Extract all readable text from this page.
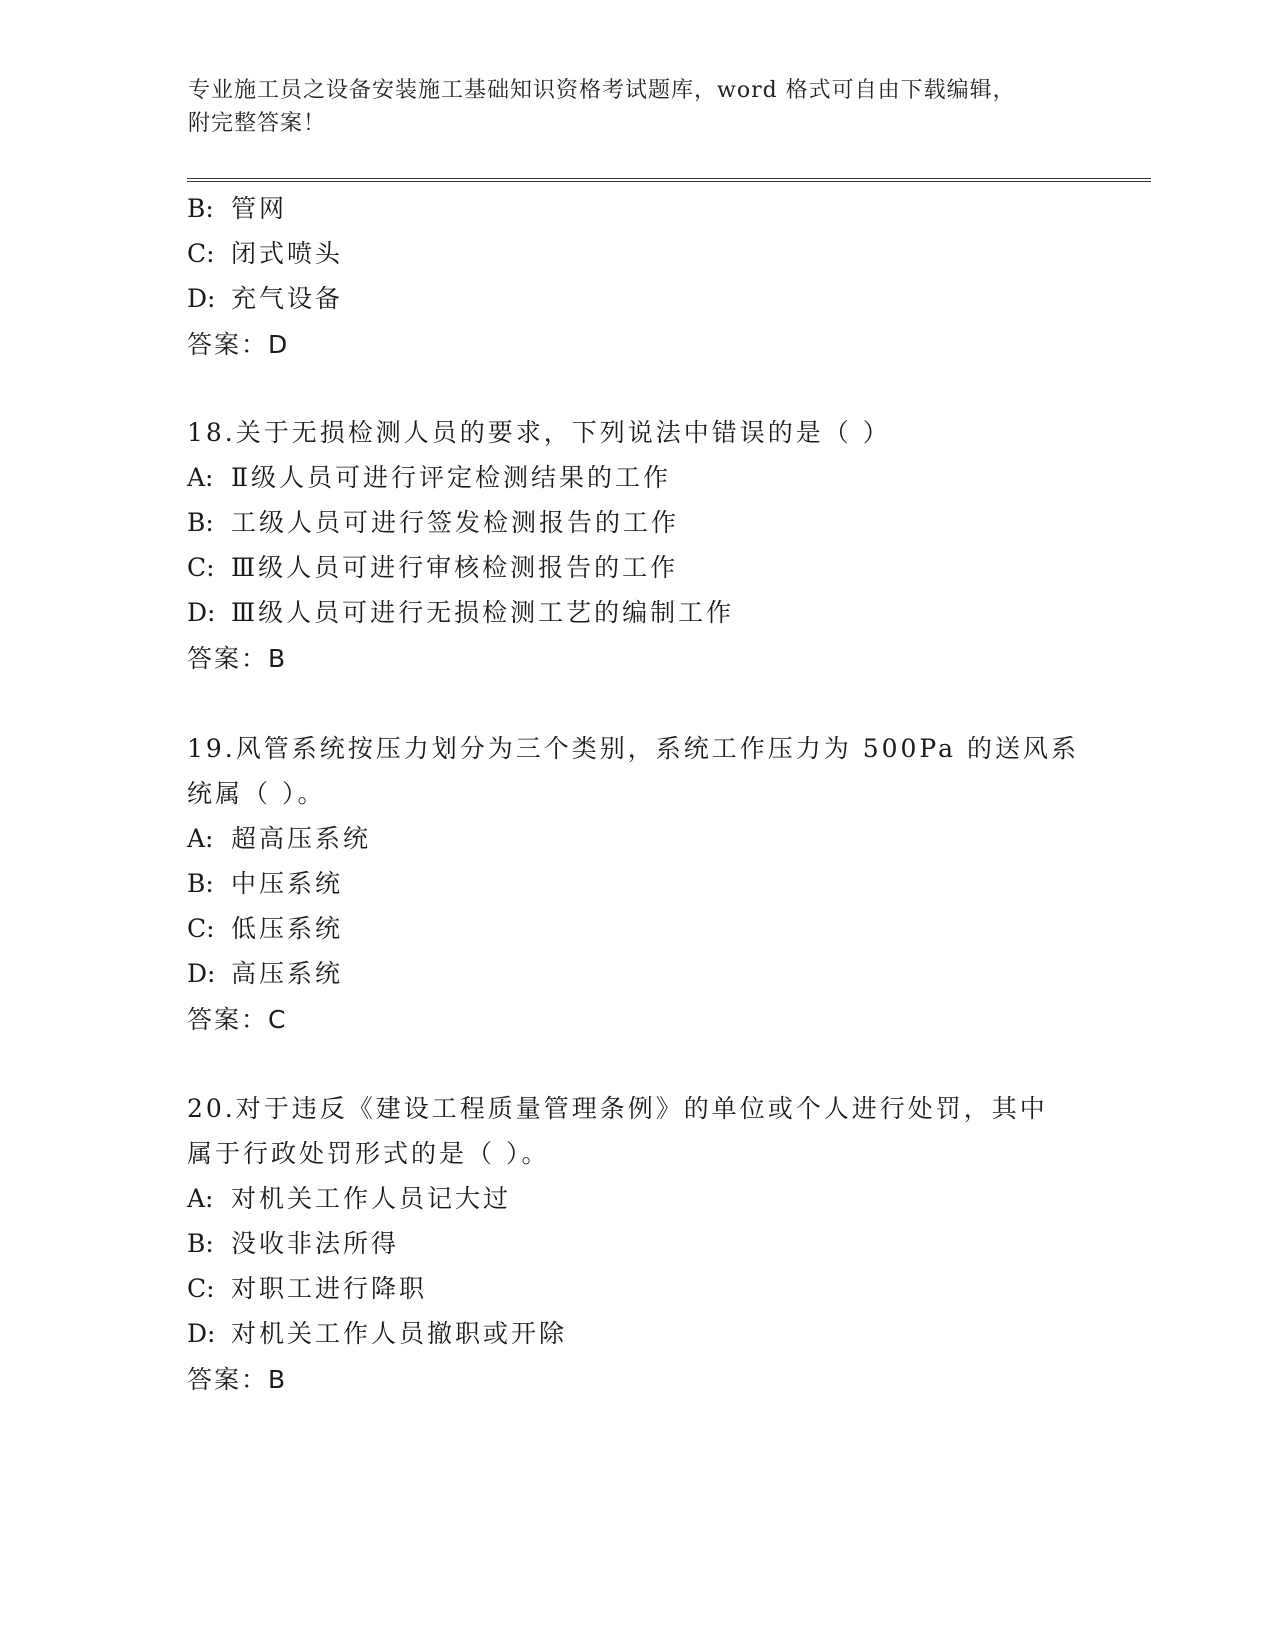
专业施工员之设备安装施工基础知识资格考试题库，word 格式可自由下载编辑，
附完整答案！
B: 管网
C: 闭式喷头
D: 充气设备
答案：D
18.关于无损检测人员的要求，下列说法中错误的是（ ）
A: Ⅱ级人员可进行评定检测结果的工作
B: 工级人员可进行签发检测报告的工作
C: Ⅲ级人员可进行审核检测报告的工作
D: Ⅲ级人员可进行无损检测工艺的编制工作
答案：B
19.风管系统按压力划分为三个类别，系统工作压力为 500Pa 的送风系
统属（ ）。
A: 超高压系统
B: 中压系统
C: 低压系统
D: 高压系统
答案：C
20.对于违反《建设工程质量管理条例》的单位或个人进行处罚，其中
属于行政处罚形式的是（ ）。
A: 对机关工作人员记大过
B: 没收非法所得
C: 对职工进行降职
D: 对机关工作人员撤职或开除
答案：B
